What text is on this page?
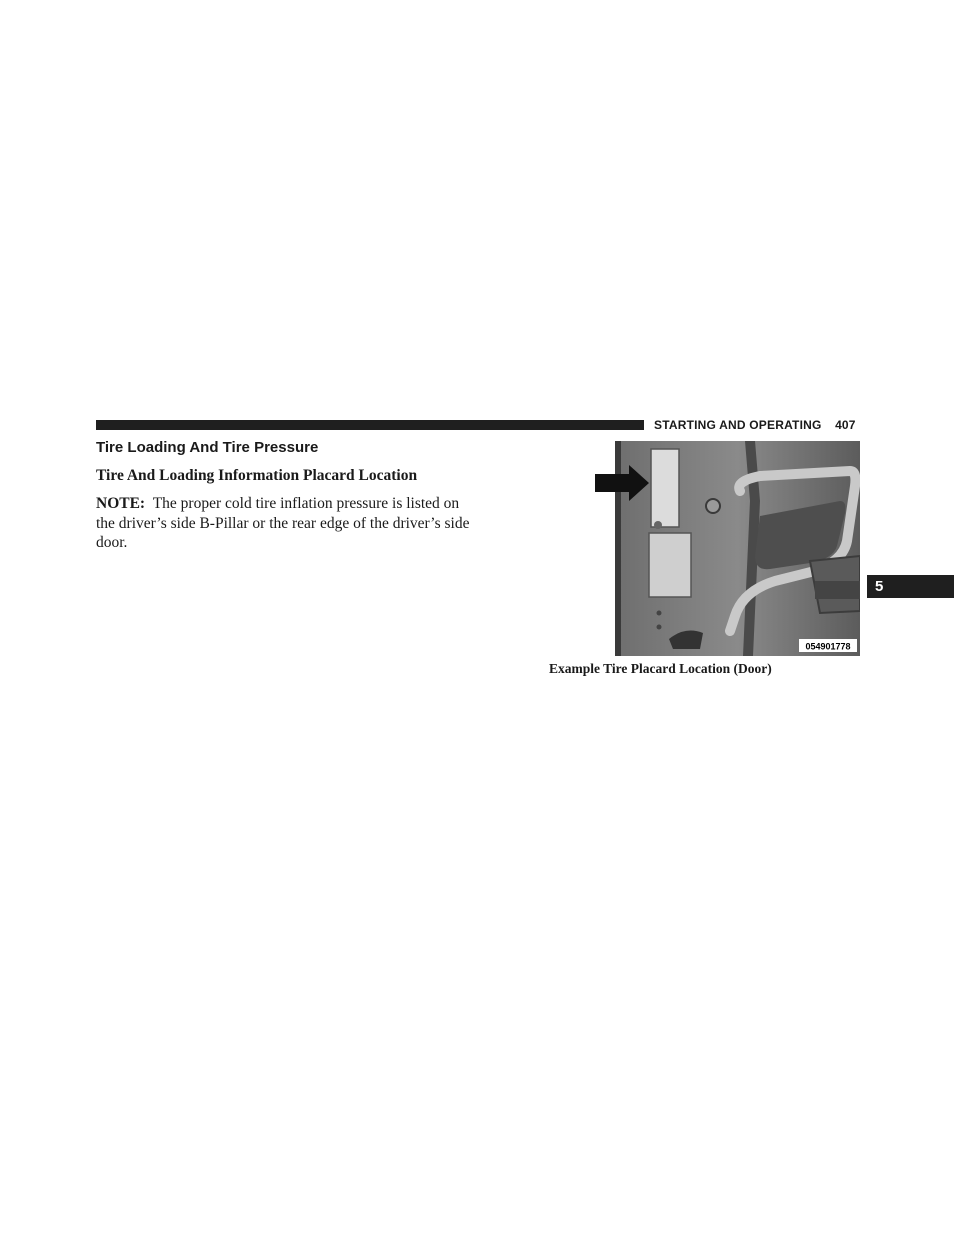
STARTING AND OPERATING 407
Tire Loading And Tire Pressure
Tire And Loading Information Placard Location
NOTE: The proper cold tire inflation pressure is listed on the driver’s side B-Pillar or the rear edge of the driver’s side door.
054901778
Example Tire Placard Location (Door)
5
